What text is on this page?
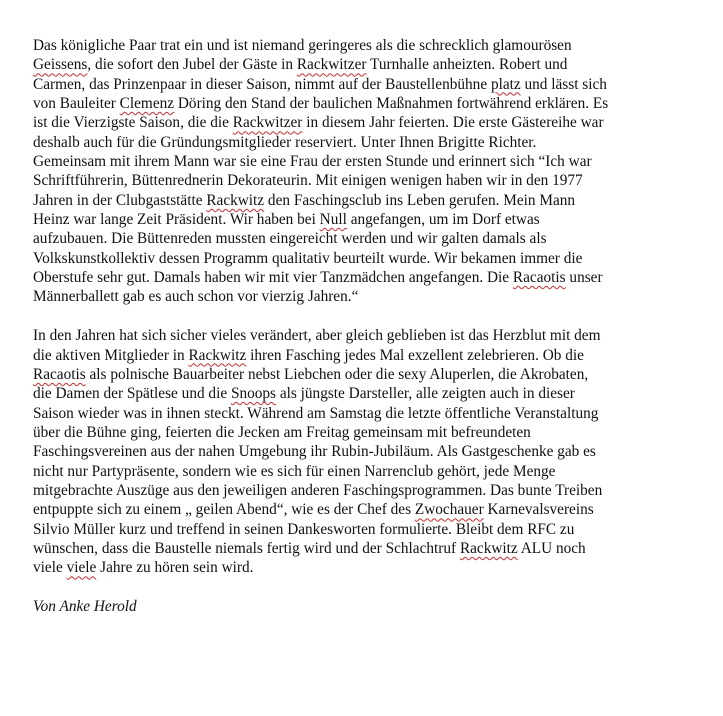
Das königliche Paar trat ein und ist niemand geringeres als die schrecklich glamourösen
Geissens, die sofort den Jubel der Gäste in Rackwitzer Turnhalle anheizten. Robert und
Carmen, das Prinzenpaar in dieser Saison, nimmt auf der Baustellenbühne platz und lässt sich
von Bauleiter Clemenz Döring den Stand der baulichen Maßnahmen fortwährend erklären. Es
ist die Vierzigste Saison, die die Rackwitzer in diesem Jahr feierten. Die erste Gästereihe war
deshalb auch für die Gründungsmitglieder reserviert. Unter Ihnen Brigitte Richter.
Gemeinsam mit ihrem Mann war sie eine Frau der ersten Stunde und erinnert sich “Ich war
Schriftführerin, Büttenrednerin Dekorateurin. Mit einigen wenigen haben wir in den 1977
Jahren in der Clubgaststätte Rackwitz den Faschingsclub ins Leben gerufen. Mein Mann
Heinz war lange Zeit Präsident. Wir haben bei Null angefangen, um im Dorf etwas
aufzubauen. Die Büttenreden mussten eingereicht werden und wir galten damals als
Volkskunstkollektiv dessen Programm qualitativ beurteilt wurde. Wir bekamen immer die
Oberstufe sehr gut. Damals haben wir mit vier Tanzmädchen angefangen. Die Racaotis unser
Männerballett gab es auch schon vor vierzig Jahren.“
In den Jahren hat sich sicher vieles verändert, aber gleich geblieben ist das Herzblut mit dem
die aktiven Mitglieder in Rackwitz ihren Fasching jedes Mal exzellent zelebrieren. Ob die
Racaotis als polnische Bauarbeiter nebst Liebchen oder die sexy Aluperlen, die Akrobaten,
die Damen der Spätlese und die Snoops als jüngste Darsteller, alle zeigten auch in dieser
Saison wieder was in ihnen steckt. Während am Samstag die letzte öffentliche Veranstaltung
über die Bühne ging, feierten die Jecken am Freitag gemeinsam mit befreundeten
Faschingsvereinen aus der nahen Umgebung ihr Rubin-Jubiläum. Als Gastgeschenke gab es
nicht nur Partypräsente, sondern wie es sich für einen Narrenclub gehört, jede Menge
mitgebrachte Auszüge aus den jeweiligen anderen Faschingsprogrammen. Das bunte Treiben
entpuppte sich zu einem „ geilen Abend“, wie es der Chef des Zwochauer Karnevalsvereins
Silvio Müller kurz und treffend in seinen Dankesworten formulierte. Bleibt dem RFC zu
wünschen, dass die Baustelle niemals fertig wird und der Schlachtruf Rackwitz ALU noch
viele viele Jahre zu hören sein wird.
Von Anke Herold
